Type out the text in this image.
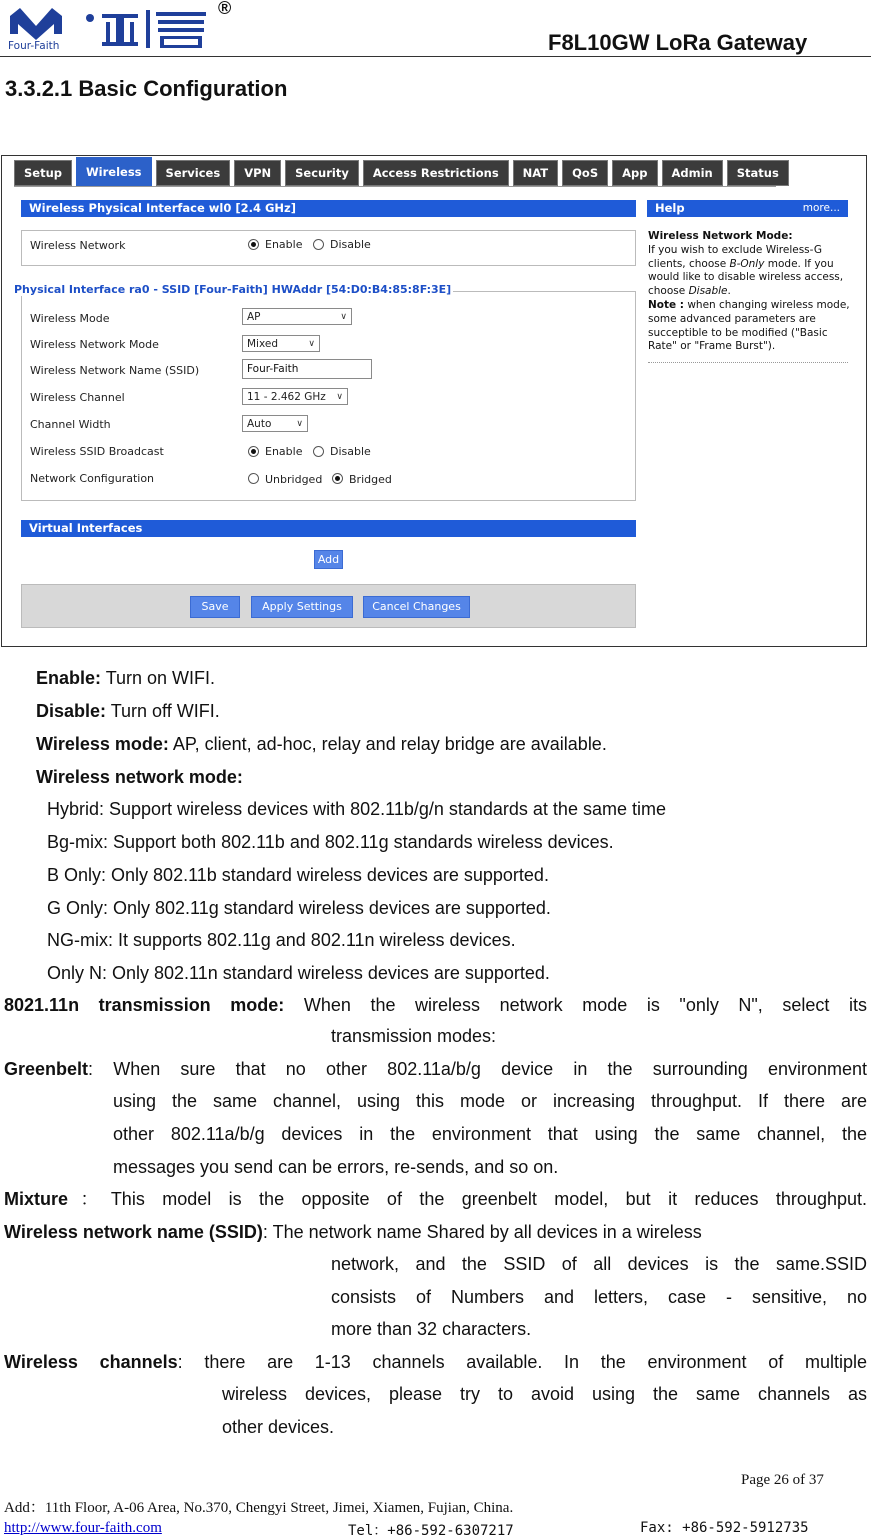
Four-Faith
®
F8L10GW LoRa Gateway
3.3.2.1 Basic Configuration
Setup	Wireless	Services	VPN	Security	Access Restrictions	NAT	QoS	App	Admin	Status
Wireless Physical Interface wl0 [2.4 GHz]
Wireless Network	Enable	Disable
Wireless Mode	AP	∨
Wireless Network Mode	Mixed	∨
Wireless Network Name (SSID)	Four-Faith
Wireless Channel	11 - 2.462 GHz ∨
Channel Width	Auto	∨
Wireless SSID Broadcast	Enable	Disable
Network Configuration	Unbridged Bridged
Physical Interface ra0 - SSID [Four-Faith] HWAddr [54:D0:B4:85:8F:3E]
Virtual Interfaces
Add
Save	Apply Settings	Cancel Changes
Help	more...
Wireless Network Mode:
If you wish to exclude Wireless-G clients, choose B-Only mode. If you would like to disable wireless access, choose Disable.
Note : when changing wireless mode, some advanced parameters are succeptible to be modified ("Basic Rate" or "Frame Burst").
Enable: Turn on WIFI.
Disable: Turn off WIFI.
Wireless mode: AP, client, ad-hoc, relay and relay bridge are available.
Wireless network mode:
Hybrid: Support wireless devices with 802.11b/g/n standards at the same time
Bg-mix: Support both 802.11b and 802.11g standards wireless devices.
B Only: Only 802.11b standard wireless devices are supported.
G Only: Only 802.11g standard wireless devices are supported.
NG-mix: It supports 802.11g and 802.11n wireless devices.
Only N: Only 802.11n standard wireless devices are supported.
8021.11n transmission mode: When the wireless network mode is "only N", select its
transmission modes:
Greenbelt: When sure that no other 802.11a/b/g device in the surrounding environment
using the same channel, using this mode or increasing throughput. If there are
other 802.11a/b/g devices in the environment that using the same channel, the
messages you send can be errors, re-sends, and so on.
Mixture：This model is the opposite of the greenbelt model, but it reduces throughput.
Wireless network name (SSID): The network name Shared by all devices in a wireless
network, and the SSID of all devices is the same.SSID
consists of Numbers and letters, case - sensitive, no
more than 32 characters.
Wireless channels: there are 1-13 channels available. In the environment of multiple
wireless devices, please try to avoid using the same channels as
other devices.
Page 26 of 37
Add：11th Floor, A-06 Area, No.370, Chengyi Street, Jimei, Xiamen, Fujian, China.
http://www.four-faith.com	Tel：+86-592-6307217	Fax: +86-592-5912735
